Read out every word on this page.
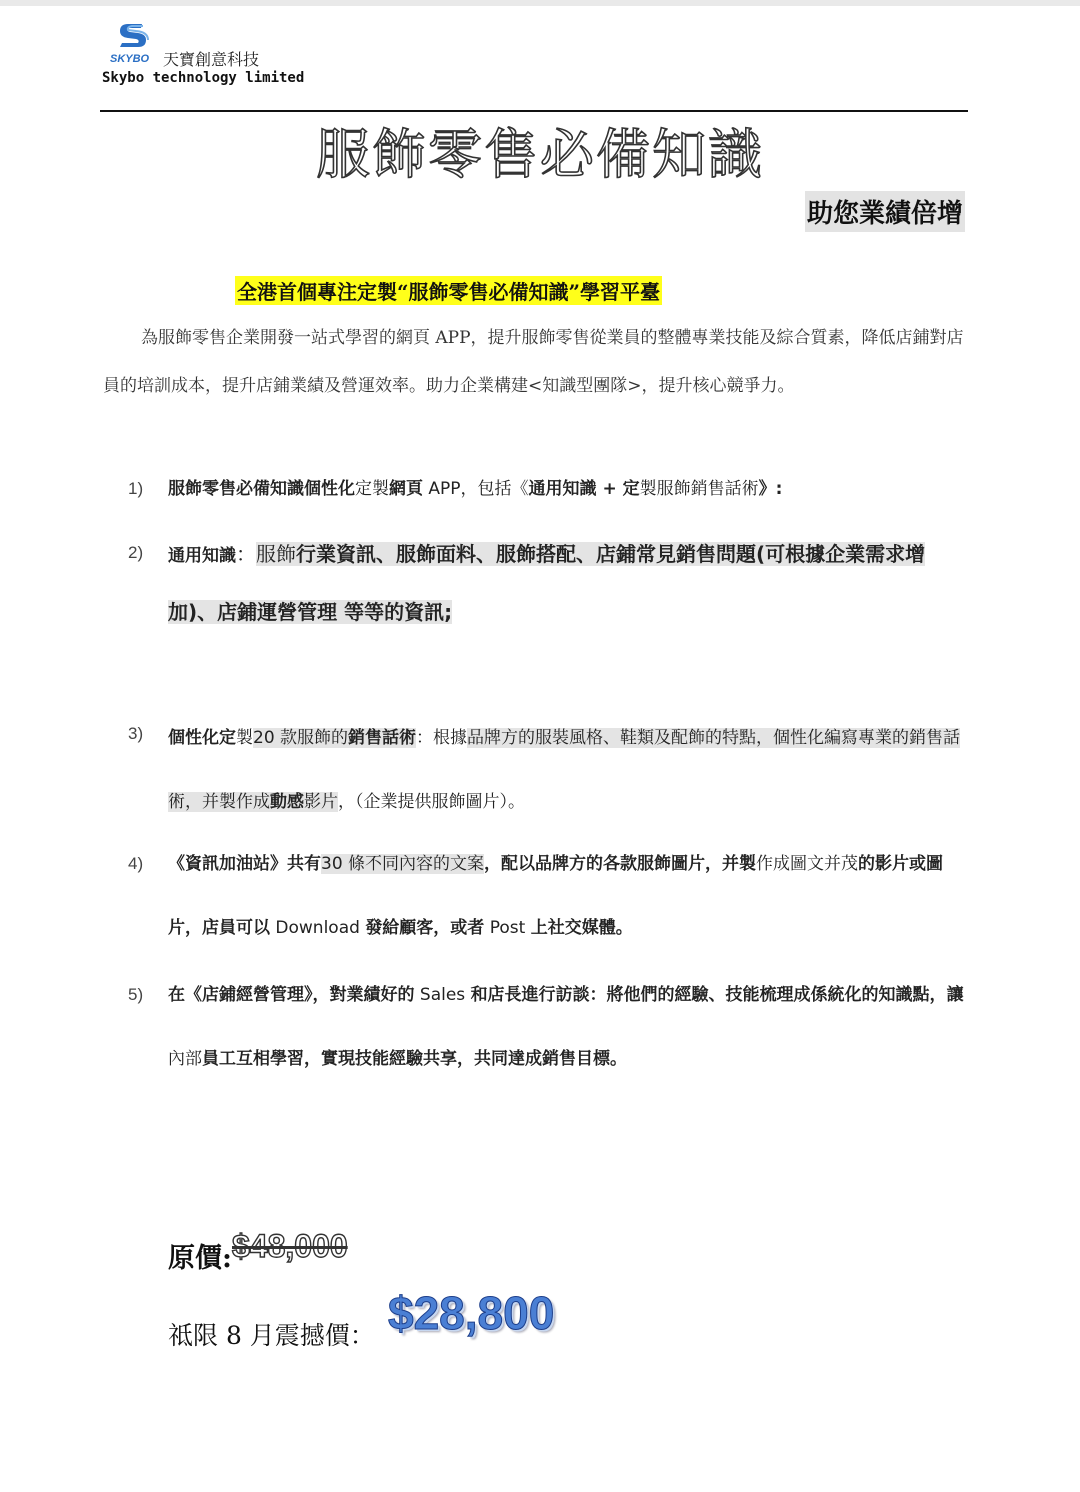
SKYBO 天寶創意科技
Skybo technology limited
服飾零售必備知識
助您業績倍增
全港首個專注定製“服飾零售必備知識”學習平臺
為服飾零售企業開發一站式學習的網頁 APP，提升服飾零售從業員的整體專業技能及綜合質素，降低店鋪對店員的培訓成本，提升店鋪業績及營運效率。助力企業構建<知識型團隊>，提升核心競爭力。
1) 服飾零售必備知識個性化定製網頁 APP，包括《通用知識 + 定製服飾銷售話術》:
2) 通用知識：服飾行業資訊、服飾面料、服飾搭配、店鋪常見銷售問題(可根據企業需求增加)、店鋪運營管理 等等的資訊;
3) 個性化定製20 款服飾的銷售話術：根據品牌方的服裝風格、鞋類及配飾的特點，個性化編寫專業的銷售話術，并製作成動感影片，（企業提供服飾圖片）。
4) 《資訊加油站》共有30 條不同內容的文案，配以品牌方的各款服飾圖片，并製作成圖文并茂的影片或圖片，店員可以 Download 發給顧客，或者 Post 上社交媒體。
5) 在《店鋪經營管理》，對業績好的 Sales 和店長進行訪談：將他們的經驗、技能梳理成係統化的知識點，讓內部員工互相學習，實現技能經驗共享，共同達成銷售目標。
原價: $48,000
祗限 8 月震撼價： $28,800
